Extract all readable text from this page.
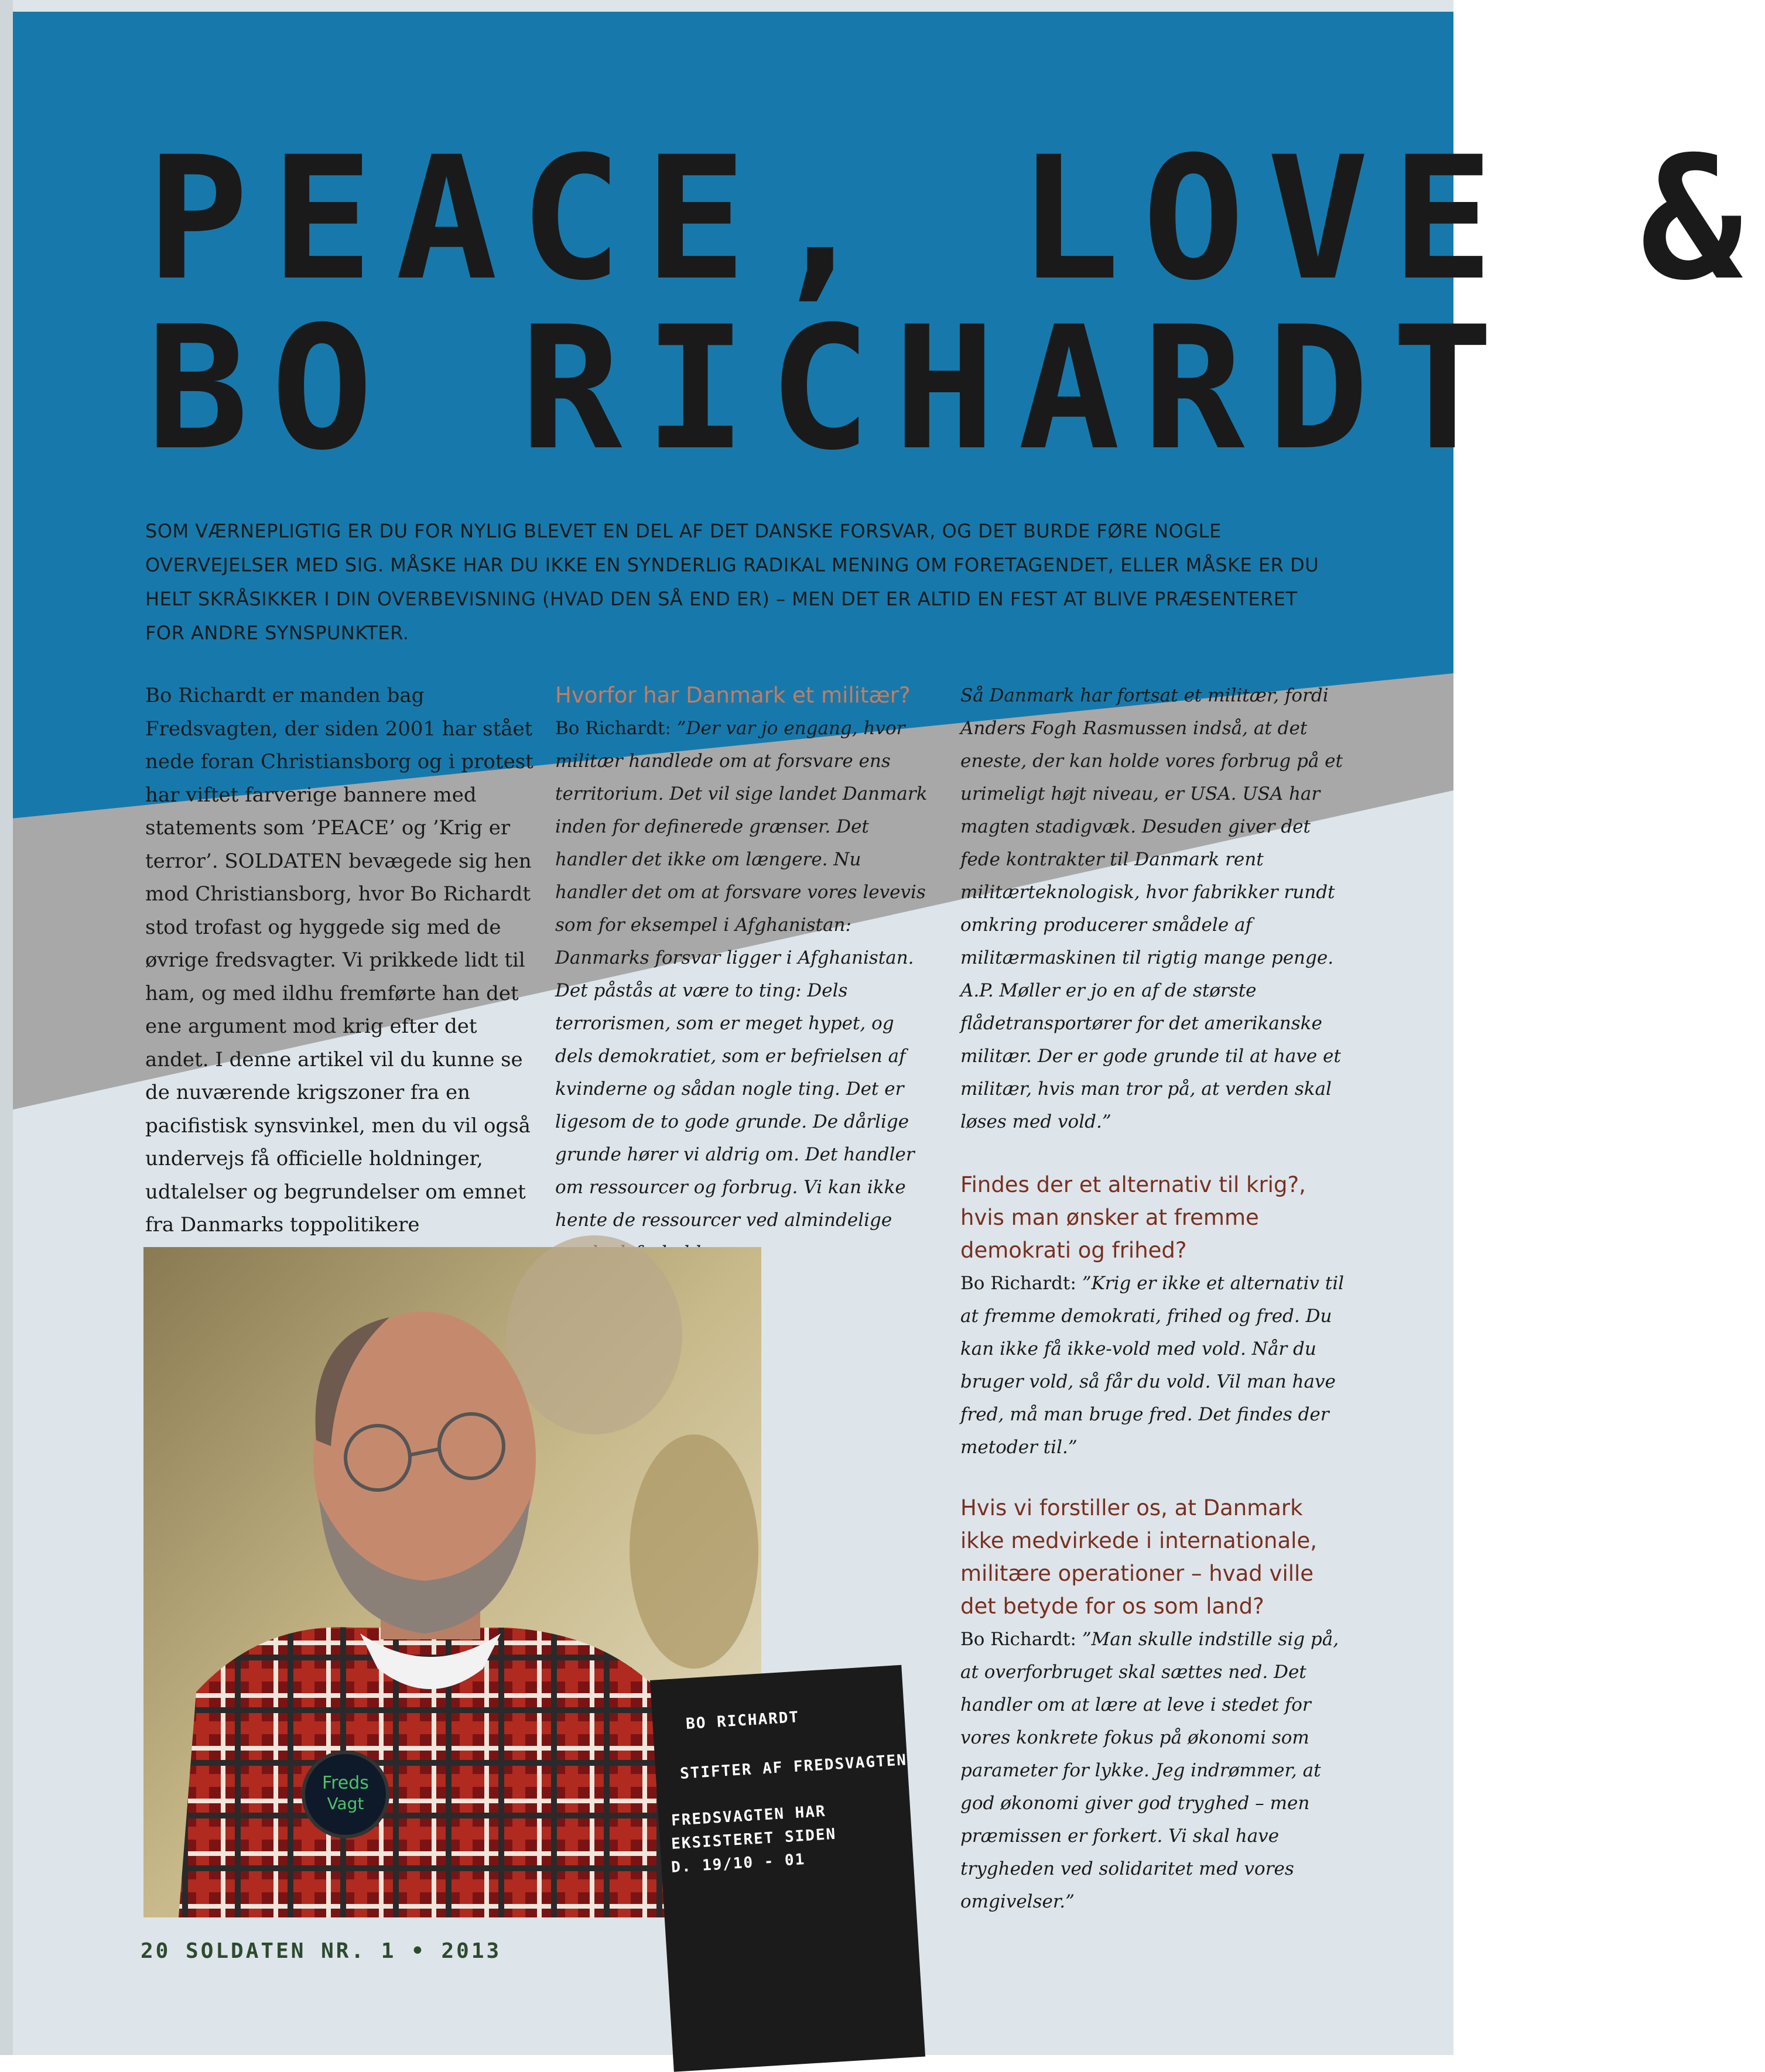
PEACE, LOVE &
BO RICHARDT

SOM VÆRNEPLIGTIG ER DU FOR NYLIG BLEVET EN DEL AF DET DANSKE FORSVAR, OG DET BURDE FØRE NOGLE OVERVEJELSER MED SIG. MÅSKE HAR DU IKKE EN SYNDERLIG RADIKAL MENING OM FORETAGENDET, ELLER MÅSKE ER DU HELT SKRÅSIKKER I DIN OVERBEVISNING (HVAD DEN SÅ END ER) – MEN DET ER ALTID EN FEST AT BLIVE PRÆSENTERET FOR ANDRE SYNSPUNKTER.

Bo Richardt er manden bag Fredsvagten, der siden 2001 har stået nede foran Christiansborg og i protest har viftet farverige bannere med statements som ’PEACE’ og ’Krig er terror’. SOLDATEN bevægede sig hen mod Christiansborg, hvor Bo Richardt stod trofast og hyggede sig med de øvrige fredsvagter. Vi prikkede lidt til ham, og med ildhu fremførte han det ene argument mod krig efter det andet. I denne artikel vil du kunne se de nuværende krigszoner fra en pacifistisk synsvinkel, men du vil også undervejs få officielle holdninger, udtalelser og begrundelser om emnet fra Danmarks toppolitikere

Hvorfor har Danmark et militær?

Bo Richardt: ”Der var jo engang, hvor militær handlede om at forsvare ens territorium. Det vil sige landet Danmark inden for definerede grænser. Det handler det ikke om længere. Nu handler det om at forsvare vores levevis som for eksempel i Afghanistan: Danmarks forsvar ligger i Afghanistan. Det påstås at være to ting: Dels terrorismen, som er meget hypet, og dels demokratiet, som er befrielsen af kvinderne og sådan nogle ting. Det er ligesom de to gode grunde. De dårlige grunde hører vi aldrig om. Det handler om ressourcer og forbrug. Vi kan ikke hente de ressourcer ved almindelige

Så Danmark har fortsat et militær, fordi Anders Fogh Rasmussen indså, at det eneste, der kan holde vores forbrug på et urimeligt højt niveau, er USA. USA har magten stadigvæk. Desuden giver det fede kontrakter til Danmark rent militærteknologisk, hvor fabrikker rundt omkring producerer smådele af militærmaskinen til rigtig mange penge. A.P. Møller er jo en af de største flådetransportører for det amerikanske militær. Der er gode grunde til at have et militær, hvis man tror på, at verden skal løses med vold.”

Findes der et alternativ til krig?, hvis man ønsker at fremme demokrati og frihed?

Bo Richardt: ”Krig er ikke et alternativ til at fremme demokrati, frihed og fred. Du kan ikke få ikke-vold med vold. Når du bruger vold, så får du vold. Vil man have fred, må man bruge fred. Det findes der metoder til.”

Hvis vi forstiller os, at Danmark ikke medvirkede i internationale, militære operationer – hvad ville det betyde for os som land?

Bo Richardt: ”Man skulle indstille sig på, at overforbruget skal sættes ned. Det handler om at lære at leve i stedet for vores konkrete fokus på økonomi som parameter for lykke. Jeg indrømmer, at god økonomi giver god tryghed – men præmissen er forkert. Vi skal have trygheden ved solidaritet med vores omgivelser.”

Freds
Vagt

BO RICHARDT

STIFTER AF FREDSVAGTEN

FREDSVAGTEN HAR

EKSISTERET SIDEN

D. 19/10 - 01

20 SOLDATEN NR. 1 • 2013
